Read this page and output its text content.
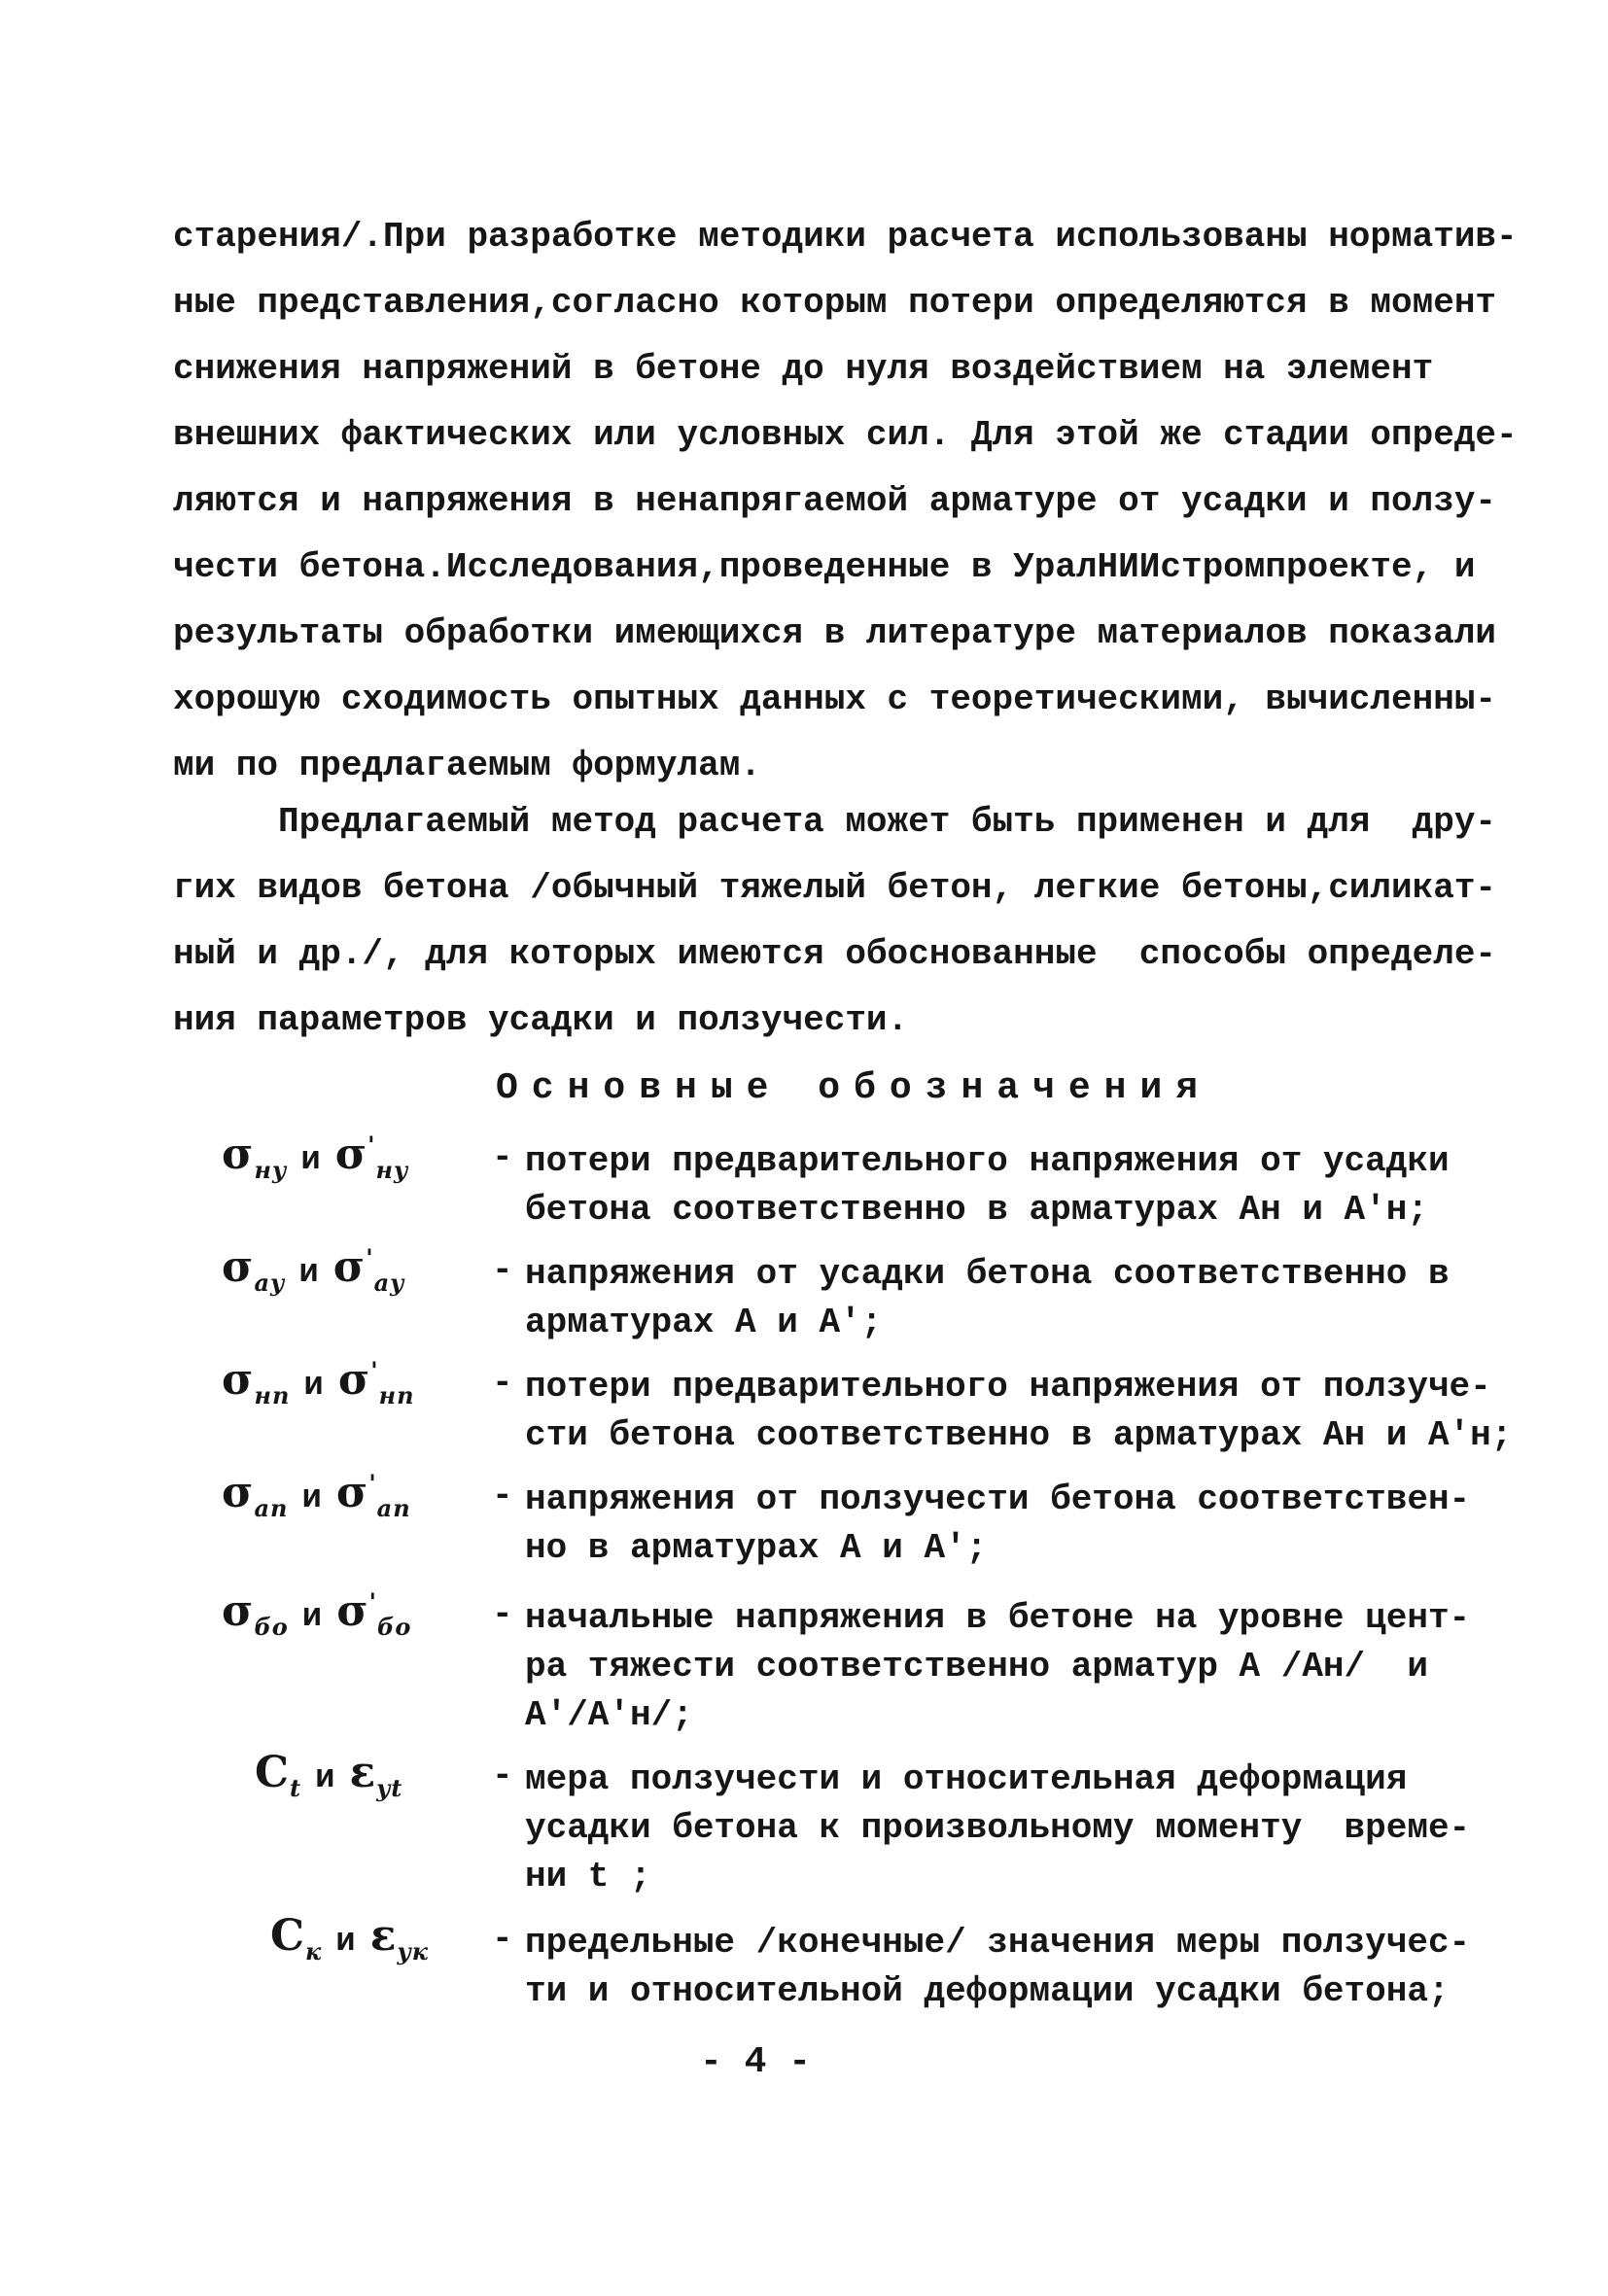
старения/.При разработке методики расчета использованы норматив-
ные представления,согласно которым потери определяются в момент
снижения напряжений в бетоне до нуля воздействием на элемент
внешних фактических или условных сил. Для этой же стадии опреде-
ляются и напряжения в ненапрягаемой арматуре от усадки и ползу-
чести бетона.Исследования,проведенные в УралНИИстромпроекте, и
результаты обработки имеющихся в литературе материалов показали
хорошую сходимость опытных данных с теоретическими, вычисленны-
ми по предлагаемым формулам.
Предлагаемый метод расчета может быть применен и для  дру-
гих видов бетона /обычный тяжелый бетон, легкие бетоны,силикат-
ный и др./, для которых имеются обоснованные  способы определе-
ния параметров усадки и ползучести.
Основные обозначения
$\sigma_{ну}$ и $\sigma'_{ну}$	- потери предварительного напряжения от усадки
бетона соответственно в арматурах Aн и A'н;
$\sigma_{ау}$ и $\sigma'_{ау}$	- напряжения от усадки бетона соответственно в
арматурах A и A';
$\sigma_{нп}$ и $\sigma'_{нп}$	- потери предварительного напряжения от ползуче-
сти бетона соответственно в арматурах Aн и A'н;
$\sigma_{ап}$ и $\sigma'_{ап}$	- напряжения от ползучести бетона соответствен-
но в арматурах A и A';
$\sigma_{бо}$ и $\sigma'_{бо}$	- начальные напряжения в бетоне на уровне цент-
ра тяжести соответственно арматур A /Aн/  и
A'/A'н/;
$C_t$ и $\varepsilon_{yt}$	- мера ползучести и относительная деформация
усадки бетона к произвольному моменту  време-
ни t ;
$C_к$ и $\varepsilon_{ук}$	- предельные /конечные/ значения меры ползучес-
ти и относительной деформации усадки бетона;
- 4 -
